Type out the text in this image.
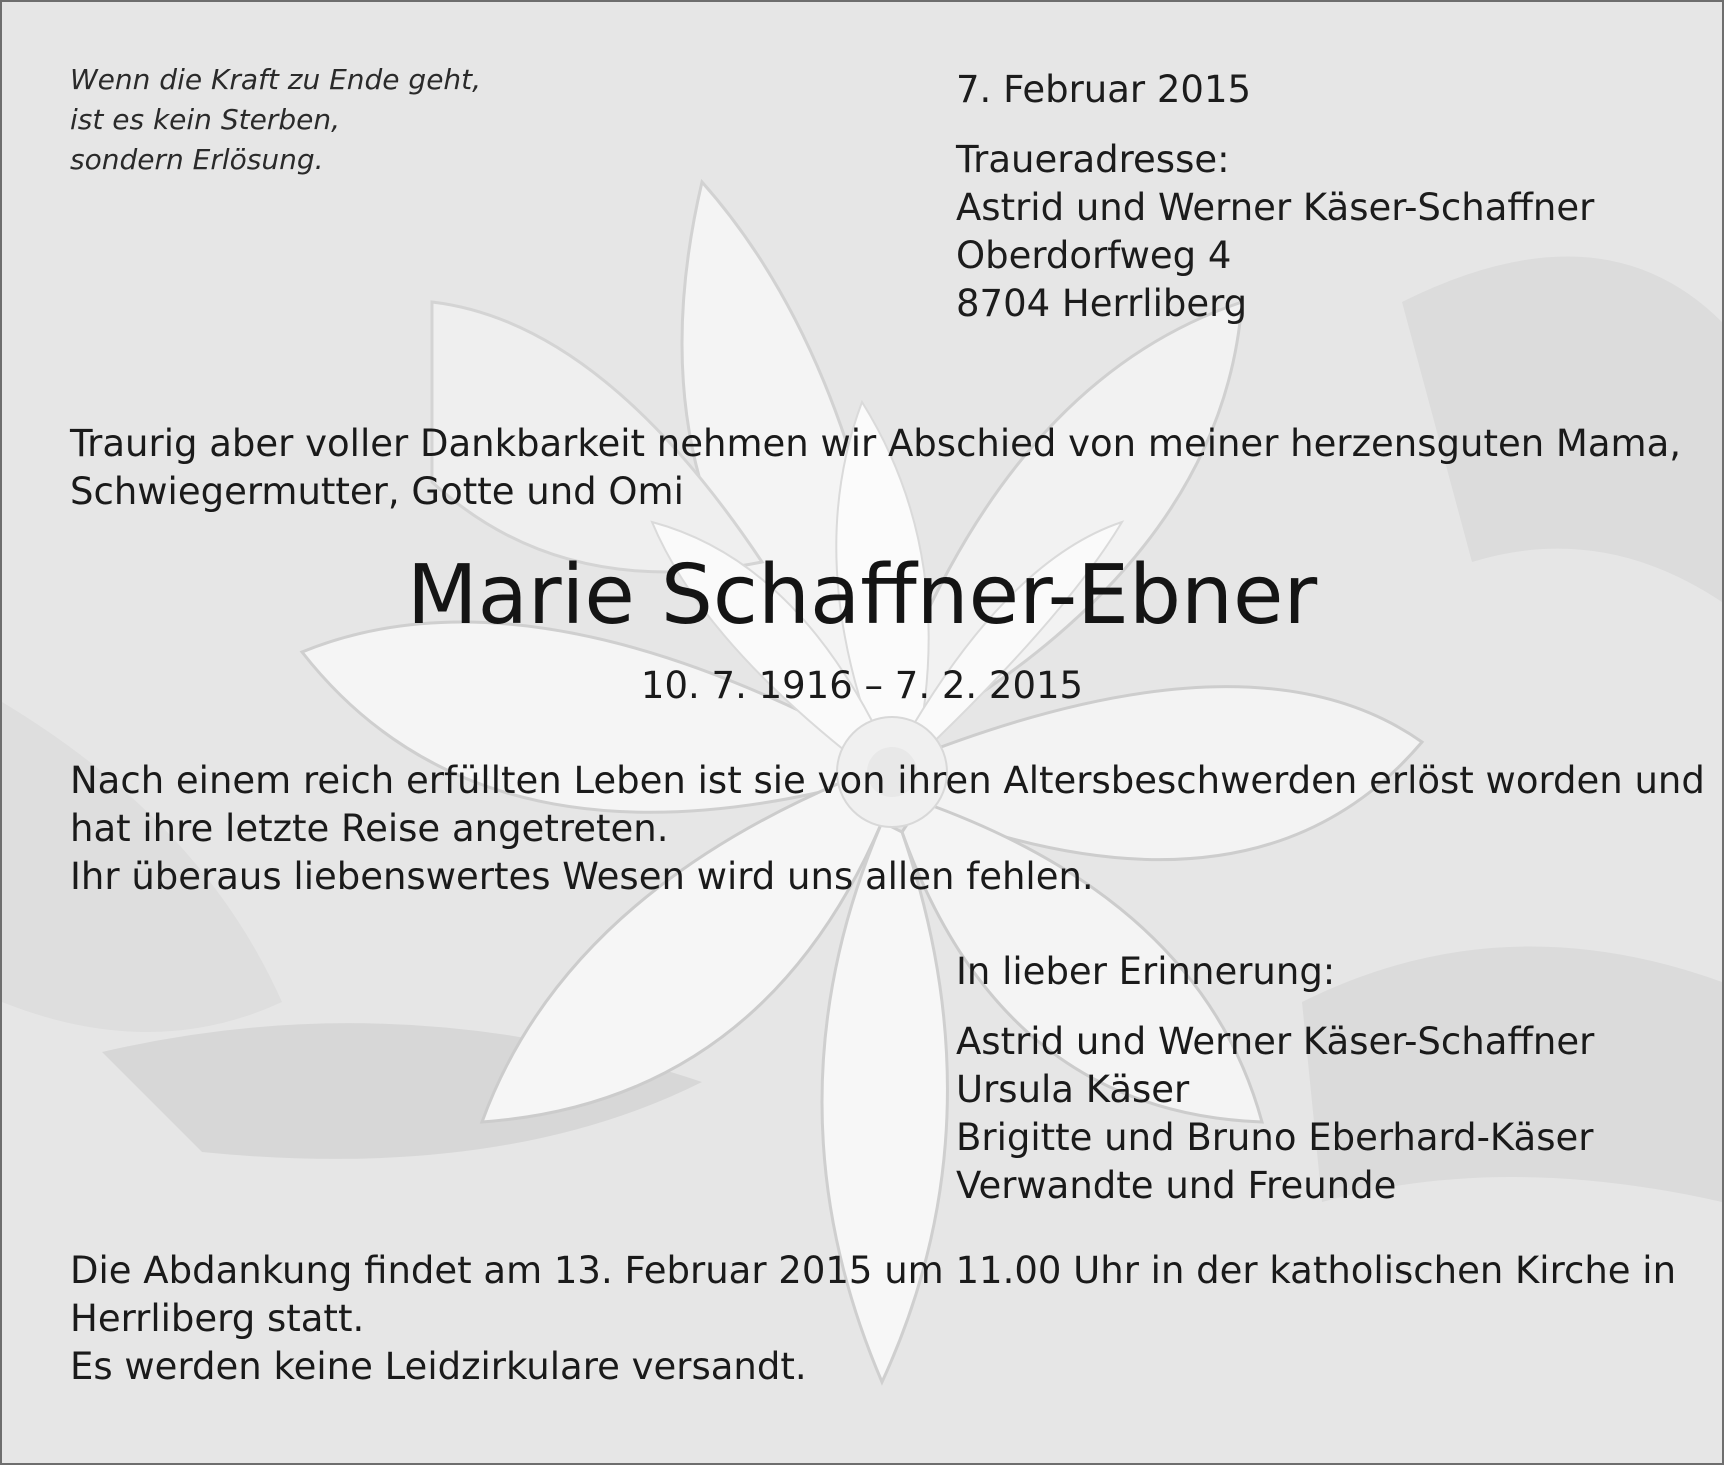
Wenn die Kraft zu Ende geht,
ist es kein Sterben,
sondern Erlösung.
7. Februar 2015
Traueradresse:
Astrid und Werner Käser-Schaffner
Oberdorfweg 4
8704 Herrliberg
Traurig aber voller Dankbarkeit nehmen wir Abschied von meiner herzensguten Mama,
Schwiegermutter, Gotte und Omi
Marie Schaffner-Ebner
10. 7. 1916 – 7. 2. 2015
Nach einem reich erfüllten Leben ist sie von ihren Altersbeschwerden erlöst worden und
hat ihre letzte Reise angetreten.
Ihr überaus liebenswertes Wesen wird uns allen fehlen.
In lieber Erinnerung:
Astrid und Werner Käser-Schaffner
Ursula Käser
Brigitte und Bruno Eberhard-Käser
Verwandte und Freunde
Die Abdankung findet am 13. Februar 2015 um 11.00 Uhr in der katholischen Kirche in
Herrliberg statt.
Es werden keine Leidzirkulare versandt.
